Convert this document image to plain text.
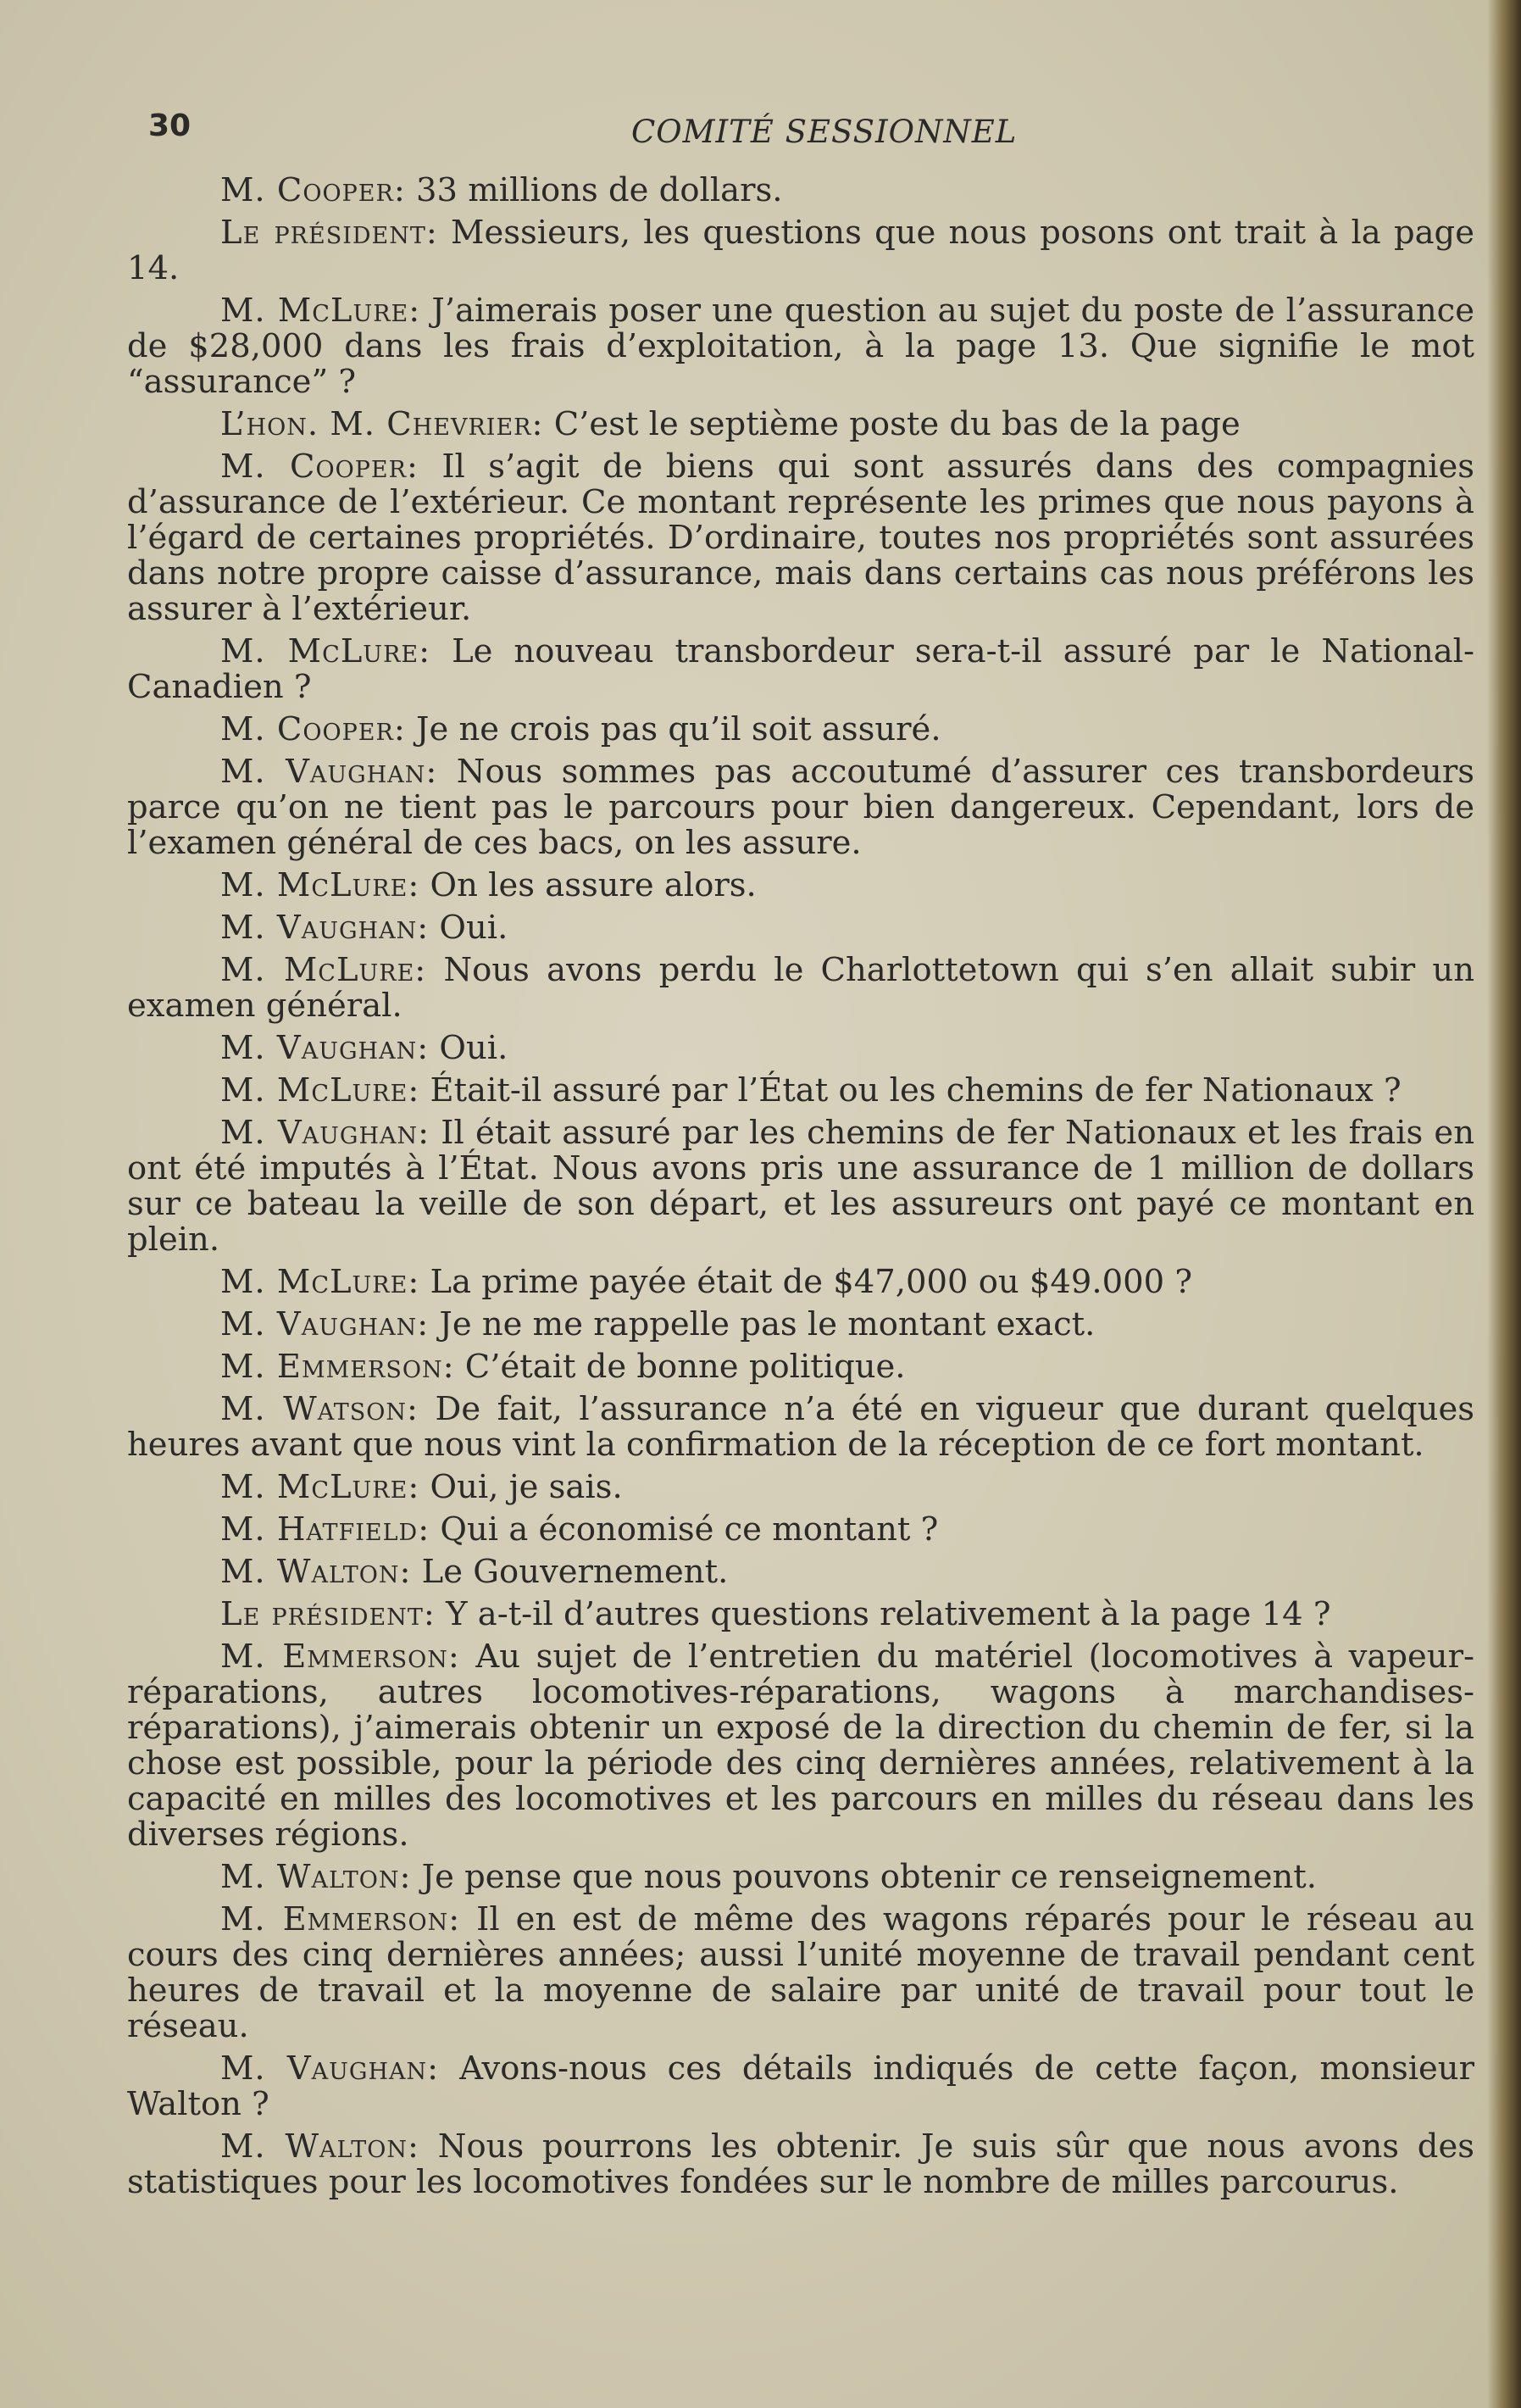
30	COMITÉ SESSIONNEL

M. Cooper: 33 millions de dollars.

Le président: Messieurs, les questions que nous posons ont trait à la page 14.

M. McLure: J’aimerais poser une question au sujet du poste de l’assurance de $28,000 dans les frais d’exploitation, à la page 13. Que signifie le mot “assurance” ?

L’hon. M. Chevrier: C’est le septième poste du bas de la page

M. Cooper: Il s’agit de biens qui sont assurés dans des compagnies d’assurance de l’extérieur. Ce montant représente les primes que nous payons à l’égard de certaines propriétés. D’ordinaire, toutes nos propriétés sont assurées dans notre propre caisse d’assurance, mais dans certains cas nous préférons les assurer à l’extérieur.

M. McLure: Le nouveau transbordeur sera-t-il assuré par le National-Canadien ?

M. Cooper: Je ne crois pas qu’il soit assuré.

M. Vaughan: Nous sommes pas accoutumé d’assurer ces transbordeurs parce qu’on ne tient pas le parcours pour bien dangereux. Cependant, lors de l’examen général de ces bacs, on les assure.

M. McLure: On les assure alors.

M. Vaughan: Oui.

M. McLure: Nous avons perdu le Charlottetown qui s’en allait subir un examen général.

M. Vaughan: Oui.

M. McLure: Était-il assuré par l’État ou les chemins de fer Nationaux ?

M. Vaughan: Il était assuré par les chemins de fer Nationaux et les frais en ont été imputés à l’État. Nous avons pris une assurance de 1 million de dollars sur ce bateau la veille de son départ, et les assureurs ont payé ce montant en plein.

M. McLure: La prime payée était de $47,000 ou $49.000 ?

M. Vaughan: Je ne me rappelle pas le montant exact.

M. Emmerson: C’était de bonne politique.

M. Watson: De fait, l’assurance n’a été en vigueur que durant quelques heures avant que nous vint la confirmation de la réception de ce fort montant.

M. McLure: Oui, je sais.

M. Hatfield: Qui a économisé ce montant ?

M. Walton: Le Gouvernement.

Le président: Y a-t-il d’autres questions relativement à la page 14 ?

M. Emmerson: Au sujet de l’entretien du matériel (locomotives à vapeur-réparations, autres locomotives-réparations, wagons à marchandises-réparations), j’aimerais obtenir un exposé de la direction du chemin de fer, si la chose est possible, pour la période des cinq dernières années, relativement à la capacité en milles des locomotives et les parcours en milles du réseau dans les diverses régions.

M. Walton: Je pense que nous pouvons obtenir ce renseignement.

M. Emmerson: Il en est de même des wagons réparés pour le réseau au cours des cinq dernières années; aussi l’unité moyenne de travail pendant cent heures de travail et la moyenne de salaire par unité de travail pour tout le réseau.

M. Vaughan: Avons-nous ces détails indiqués de cette façon, monsieur Walton ?

M. Walton: Nous pourrons les obtenir. Je suis sûr que nous avons des statistiques pour les locomotives fondées sur le nombre de milles parcourus.
